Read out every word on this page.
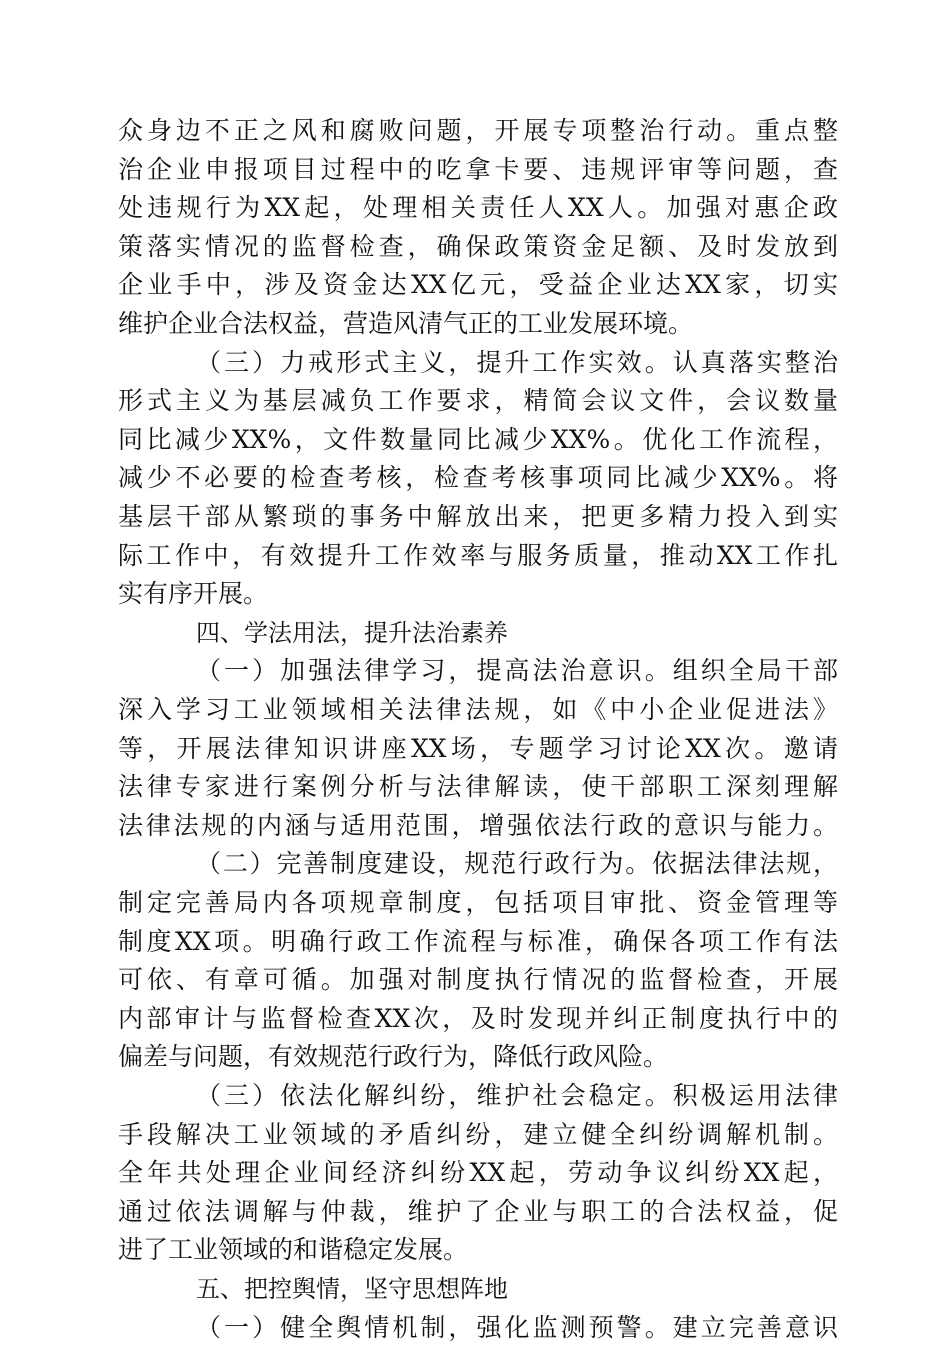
众身边不正之风和腐败问题，开展专项整治行动。重点整
治企业申报项目过程中的吃拿卡要、违规评审等问题，查
处违规行为XX起，处理相关责任人XX人。加强对惠企政
策落实情况的监督检查，确保政策资金足额、及时发放到
企业手中，涉及资金达XX亿元，受益企业达XX家，切实
维护企业合法权益，营造风清气正的工业发展环境。
（三）力戒形式主义，提升工作实效。认真落实整治
形式主义为基层减负工作要求，精简会议文件，会议数量
同比减少XX%，文件数量同比减少XX%。优化工作流程，
减少不必要的检查考核，检查考核事项同比减少XX%。将
基层干部从繁琐的事务中解放出来，把更多精力投入到实
际工作中，有效提升工作效率与服务质量，推动XX工作扎
实有序开展。
四、学法用法，提升法治素养
（一）加强法律学习，提高法治意识。组织全局干部
深入学习工业领域相关法律法规，如《中小企业促进法》
等，开展法律知识讲座XX场，专题学习讨论XX次。邀请
法律专家进行案例分析与法律解读，使干部职工深刻理解
法律法规的内涵与适用范围，增强依法行政的意识与能力。
（二）完善制度建设，规范行政行为。依据法律法规，
制定完善局内各项规章制度，包括项目审批、资金管理等
制度XX项。明确行政工作流程与标准，确保各项工作有法
可依、有章可循。加强对制度执行情况的监督检查，开展
内部审计与监督检查XX次，及时发现并纠正制度执行中的
偏差与问题，有效规范行政行为，降低行政风险。
（三）依法化解纠纷，维护社会稳定。积极运用法律
手段解决工业领域的矛盾纠纷，建立健全纠纷调解机制。
全年共处理企业间经济纠纷XX起，劳动争议纠纷XX起，
通过依法调解与仲裁，维护了企业与职工的合法权益，促
进了工业领域的和谐稳定发展。
五、把控舆情，坚守思想阵地
（一）健全舆情机制，强化监测预警。建立完善意识
